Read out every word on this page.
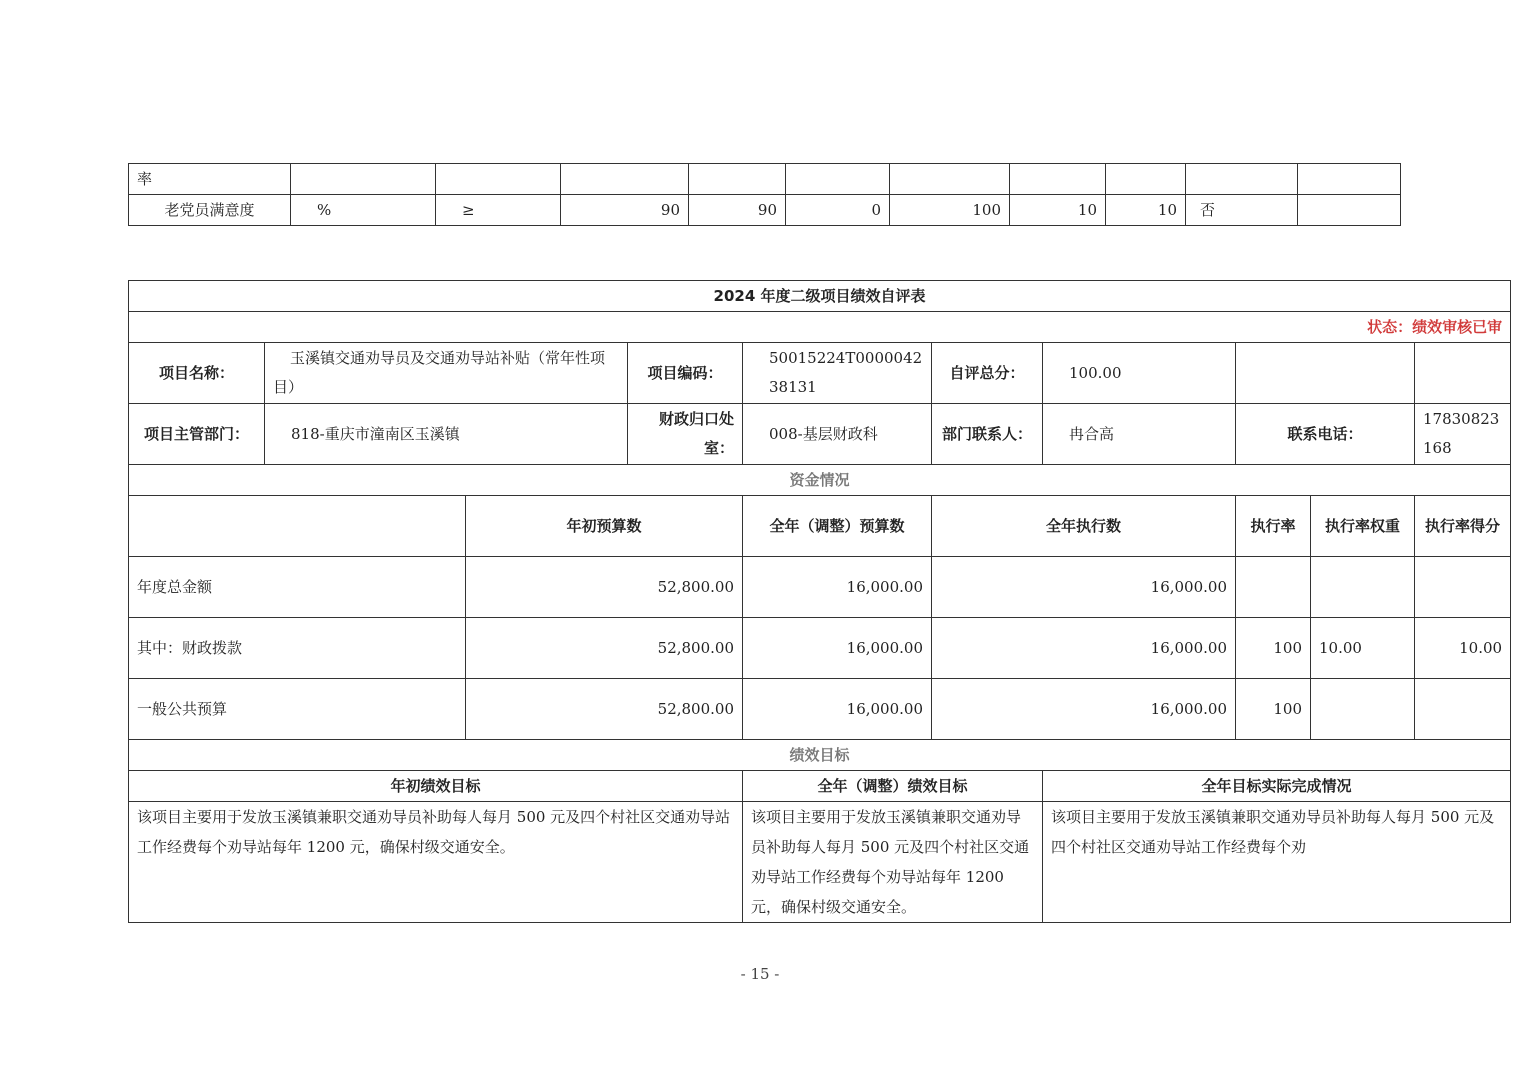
率										
老党员满意度	%	≥	90	90	0	100	10	10	否	
2024 年度二级项目绩效自评表									
状态：绩效审核已审									
项目名称：	玉溪镇交通劝导员及交通劝导站补贴（常年性项目）		项目编码：	50015224T000004238131	自评总分：	100.00			
项目主管部门：	818-重庆市潼南区玉溪镇		财政归口处室：	008-基层财政科	部门联系人：	冉合高	联系电话：		17830823168
资金情况									
		年初预算数		全年（调整）预算数	全年执行数		执行率	执行率权重	执行率得分
年度总金额		52,800.00		16,000.00	16,000.00				
其中：财政拨款		52,800.00		16,000.00	16,000.00		100	10.00	10.00
一般公共预算		52,800.00		16,000.00	16,000.00		100		
绩效目标									
年初绩效目标				全年（调整）绩效目标		全年目标实际完成情况			
该项目主要用于发放玉溪镇兼职交通劝导员补助每人每月 500 元及四个村社区交通劝导站工作经费每个劝导站每年 1200 元，确保村级交通安全。				该项目主要用于发放玉溪镇兼职交通劝导员补助每人每月 500 元及四个村社区交通劝导站工作经费每个劝导站每年 1200 元，确保村级交通安全。		该项目主要用于发放玉溪镇兼职交通劝导员补助每人每月 500 元及四个村社区交通劝导站工作经费每个劝			
- 15 -
